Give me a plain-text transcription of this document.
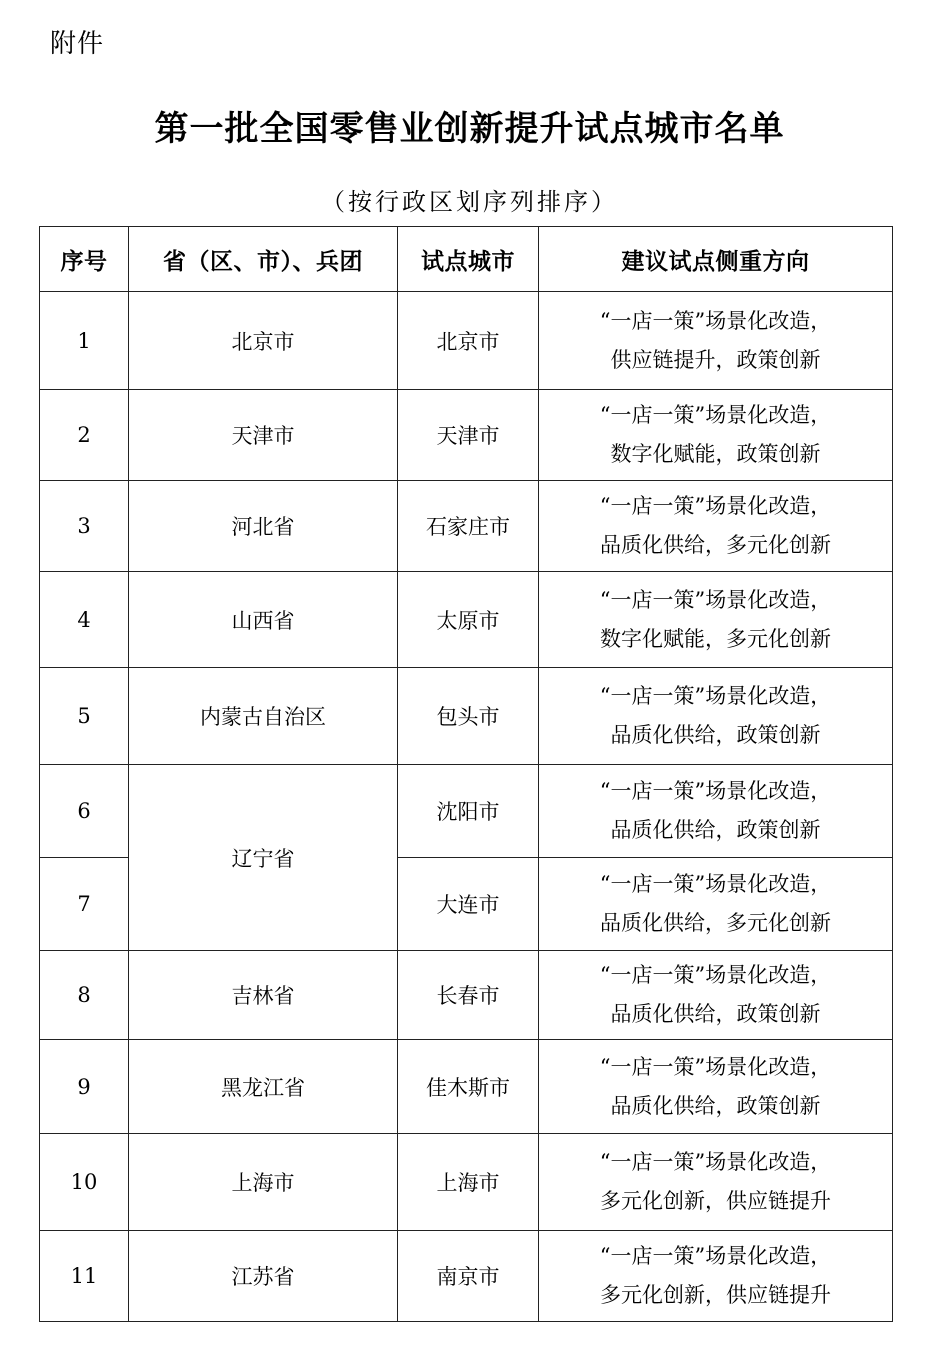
附件
第一批全国零售业创新提升试点城市名单
（按行政区划序列排序）
序号	省（区、市）、兵团	试点城市	建议试点侧重方向
1	北京市	北京市	“一店一策”场景化改造，
供应链提升，政策创新

2	天津市	天津市	“一店一策”场景化改造，
数字化赋能，政策创新

3	河北省	石家庄市	“一店一策”场景化改造，
品质化供给，多元化创新

4	山西省	太原市	“一店一策”场景化改造，
数字化赋能，多元化创新

5	内蒙古自治区	包头市	“一店一策”场景化改造，
品质化供给，政策创新

6	辽宁省	沈阳市	“一店一策”场景化改造，
品质化供给，政策创新

7		大连市	“一店一策”场景化改造，
品质化供给，多元化创新

8	吉林省	长春市	“一店一策”场景化改造，
品质化供给，政策创新

9	黑龙江省	佳木斯市	“一店一策”场景化改造，
品质化供给，政策创新

10	上海市	上海市	“一店一策”场景化改造，
多元化创新，供应链提升

11	江苏省	南京市	“一店一策”场景化改造，
多元化创新，供应链提升
